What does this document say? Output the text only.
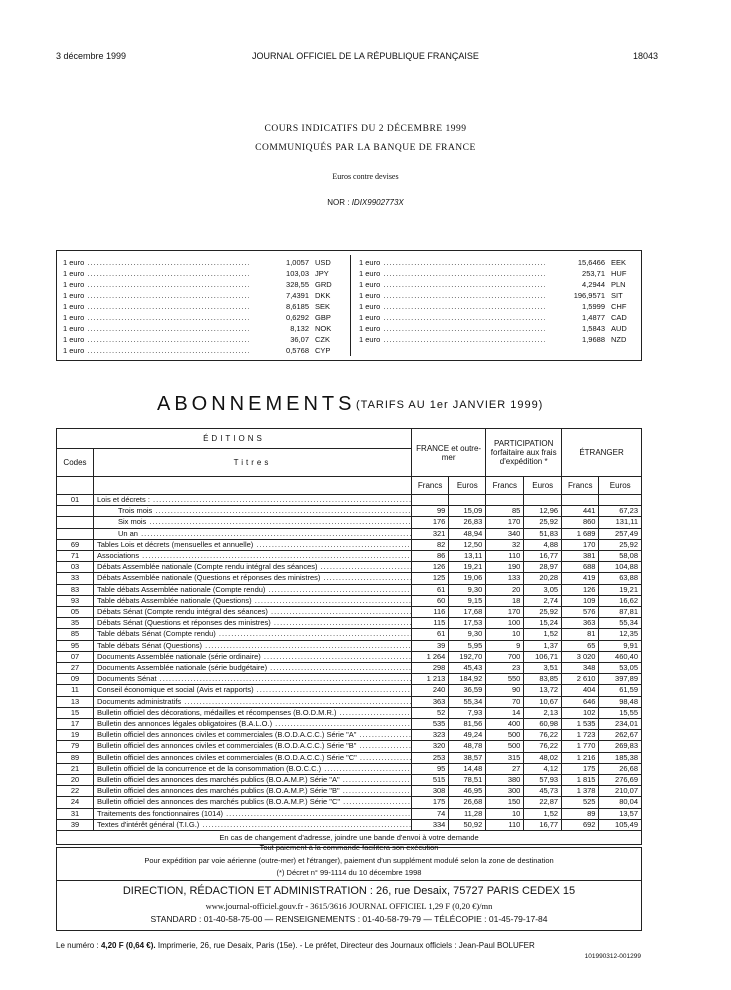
3 décembre 1999	JOURNAL OFFICIEL DE LA RÉPUBLIQUE FRANÇAISE	18043
COURS INDICATIFS DU 2 DÉCEMBRE 1999
COMMUNIQUÉS PAR LA BANQUE DE FRANCE
Euros contre devises
NOR : IDIX9902773X
1 euro .....	1,0057 USD
1 euro .....	103,03 JPY
1 euro .....	328,55 GRD
1 euro .....	7,4391 DKK
1 euro .....	8,6185 SEK
1 euro .....	0,6292 GBP
1 euro .....	8,132 NOK
1 euro .....	36,07 CZK
1 euro .....	0,5768 CYP
1 euro .....	15,6466 EEK
1 euro .....	253,71 HUF
1 euro .....	4,2944 PLN
1 euro .....	196,9571 SIT
1 euro .....	1,5999 CHF
1 euro .....	1,4877 CAD
1 euro .....	1,5843 AUD
1 euro .....	1,9688 NZD
ABONNEMENTS (TARIFS AU 1er JANVIER 1999)
ÉDITIONS		FRANCE et outre-mer		PARTICIPATION forfaitaire aux frais d'expédition *		ÉTRANGER	
Codes	Titres						
		Francs	Euros	Francs	Euros	Francs	Euros
01	Lois et décrets : .....						
	Trois mois .....	99	15,09	85	12,96	441	67,23
	Six mois .....	176	26,83	170	25,92	860	131,11
	Un an .....	321	48,94	340	51,83	1 689	257,49
69	Tables Lois et décrets (mensuelles et annuelle) .....	82	12,50	32	4,88	170	25,92
71	Associations .....	86	13,11	110	16,77	381	58,08
03	Débats Assemblée nationale (Compte rendu intégral des séances) .....	126	19,21	190	28,97	688	104,88
33	Débats Assemblée nationale (Questions et réponses des ministres) .....	125	19,06	133	20,28	419	63,88
83	Table débats Assemblée nationale (Compte rendu) .....	61	9,30	20	3,05	126	19,21
93	Table débats Assemblée nationale (Questions) .....	60	9,15	18	2,74	109	16,62
05	Débats Sénat (Compte rendu intégral des séances) .....	116	17,68	170	25,92	576	87,81
35	Débats Sénat (Questions et réponses des ministres) .....	115	17,53	100	15,24	363	55,34
85	Table débats Sénat (Compte rendu) .....	61	9,30	10	1,52	81	12,35
95	Table débats Sénat (Questions) .....	39	5,95	9	1,37	65	9,91
07	Documents Assemblée nationale (série ordinaire) .....	1 264	192,70	700	106,71	3 020	460,40
27	Documents Assemblée nationale (série budgétaire) .....	298	45,43	23	3,51	348	53,05
09	Documents Sénat .....	1 213	184,92	550	83,85	2 610	397,89
11	Conseil économique et social (Avis et rapports) .....	240	36,59	90	13,72	404	61,59
13	Documents administratifs .....	363	55,34	70	10,67	646	98,48
15	Bulletin officiel des décorations, médailles et récompenses (B.O.D.M.R.) .....	52	7,93	14	2,13	102	15,55
17	Bulletin des annonces légales obligatoires (B.A.L.O.) .....	535	81,56	400	60,98	1 535	234,01
19	Bulletin officiel des annonces civiles et commerciales (B.O.D.A.C.C.) Série "A" .....	323	49,24	500	76,22	1 723	262,67
79	Bulletin officiel des annonces civiles et commerciales (B.O.D.A.C.C.) Série "B" .....	320	48,78	500	76,22	1 770	269,83
89	Bulletin officiel des annonces civiles et commerciales (B.O.D.A.C.C.) Série "C" .....	253	38,57	315	48,02	1 216	185,38
21	Bulletin officiel de la concurrence et de la consommation (B.O.C.C.) .....	95	14,48	27	4,12	175	26,68
20	Bulletin officiel des annonces des marchés publics (B.O.A.M.P.) Série "A" .....	515	78,51	380	57,93	1 815	276,69
22	Bulletin officiel des annonces des marchés publics (B.O.A.M.P.) Série "B" .....	308	46,95	300	45,73	1 378	210,07
24	Bulletin officiel des annonces des marchés publics (B.O.A.M.P.) Série "C" .....	175	26,68	150	22,87	525	80,04
31	Traitements des fonctionnaires (1014) .....	74	11,28	10	1,52	89	13,57
39	Textes d'intérêt général (T.I.G.) .....	334	50,92	110	16,77	692	105,49
En cas de changement d'adresse, joindre une bande d'envoi à votre demande							
Tout paiement à la commande facilitera son exécution
Pour expédition par voie aérienne (outre-mer) et l'étranger), paiement d'un supplément modulé selon la zone de destination
(*) Décret n° 99-1114 du 10 décembre 1998
DIRECTION, RÉDACTION ET ADMINISTRATION : 26, rue Desaix, 75727 PARIS CEDEX 15
www.journal-officiel.gouv.fr - 3615/3616 JOURNAL OFFICIEL 1,29 F (0,20 €)/mn
STANDARD : 01-40-58-75-00 — RENSEIGNEMENTS : 01-40-58-79-79 — TÉLÉCOPIE : 01-45-79-17-84
Le numéro : 4,20 F (0,64 €). Imprimerie, 26, rue Desaix, Paris (15e). - Le préfet, Directeur des Journaux officiels : Jean-Paul BOLUFER
101990312-001299
